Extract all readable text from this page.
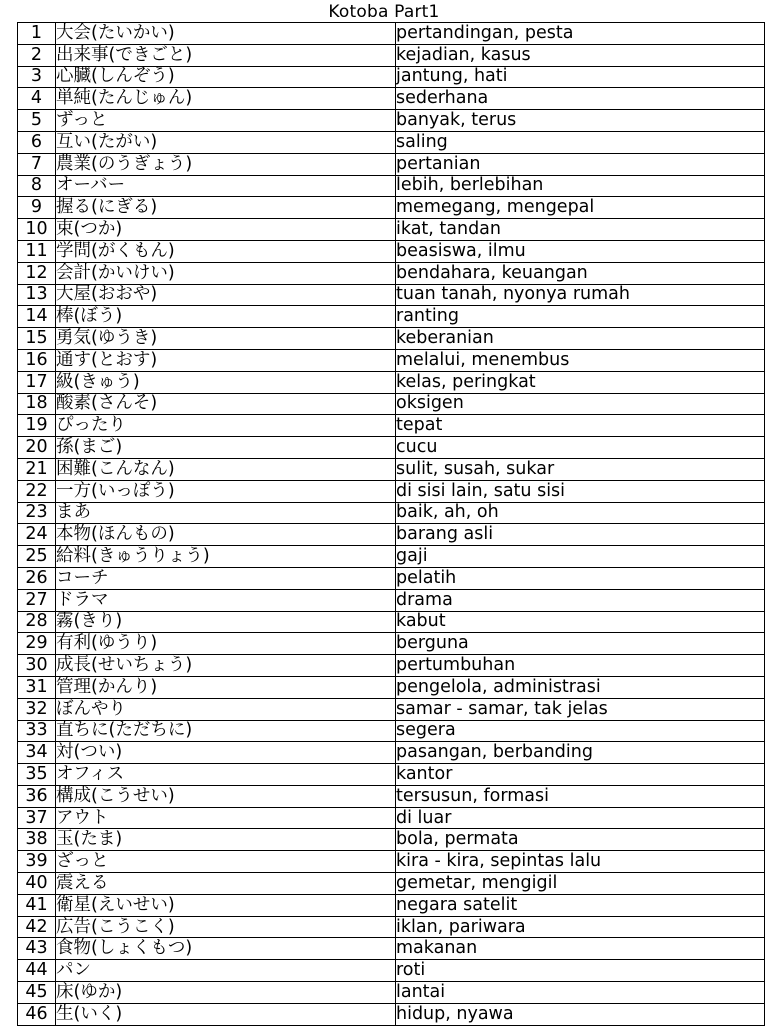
Kotoba Part1
1	大会(たいかい)	pertandingan, pesta
2	出来事(できごと)	kejadian, kasus
3	心臓(しんぞう)	jantung, hati
4	単純(たんじゅん)	sederhana
5	ずっと	banyak, terus
6	互い(たがい)	saling
7	農業(のうぎょう)	pertanian
8	オーバー	lebih, berlebihan
9	握る(にぎる)	memegang, mengepal
10	束(つか)	ikat, tandan
11	学問(がくもん)	beasiswa, ilmu
12	会計(かいけい)	bendahara, keuangan
13	大屋(おおや)	tuan tanah, nyonya rumah
14	棒(ぼう)	ranting
15	勇気(ゆうき)	keberanian
16	通す(とおす)	melalui, menembus
17	級(きゅう)	kelas, peringkat
18	酸素(さんそ)	oksigen
19	ぴったり	tepat
20	孫(まご)	cucu
21	困難(こんなん)	sulit, susah, sukar
22	一方(いっぽう)	di sisi lain, satu sisi
23	まあ	baik, ah, oh
24	本物(ほんもの)	barang asli
25	給料(きゅうりょう)	gaji
26	コーチ	pelatih
27	ドラマ	drama
28	霧(きり)	kabut
29	有利(ゆうり)	berguna
30	成長(せいちょう)	pertumbuhan
31	管理(かんり)	pengelola, administrasi
32	ぼんやり	samar - samar, tak jelas
33	直ちに(ただちに)	segera
34	対(つい)	pasangan, berbanding
35	オフィス	kantor
36	構成(こうせい)	tersusun, formasi
37	アウト	di luar
38	玉(たま)	bola, permata
39	ざっと	kira - kira, sepintas lalu
40	震える	gemetar, mengigil
41	衛星(えいせい)	negara satelit
42	広告(こうこく)	iklan, pariwara
43	食物(しょくもつ)	makanan
44	パン	roti
45	床(ゆか)	lantai
46	生(いく)	hidup, nyawa
